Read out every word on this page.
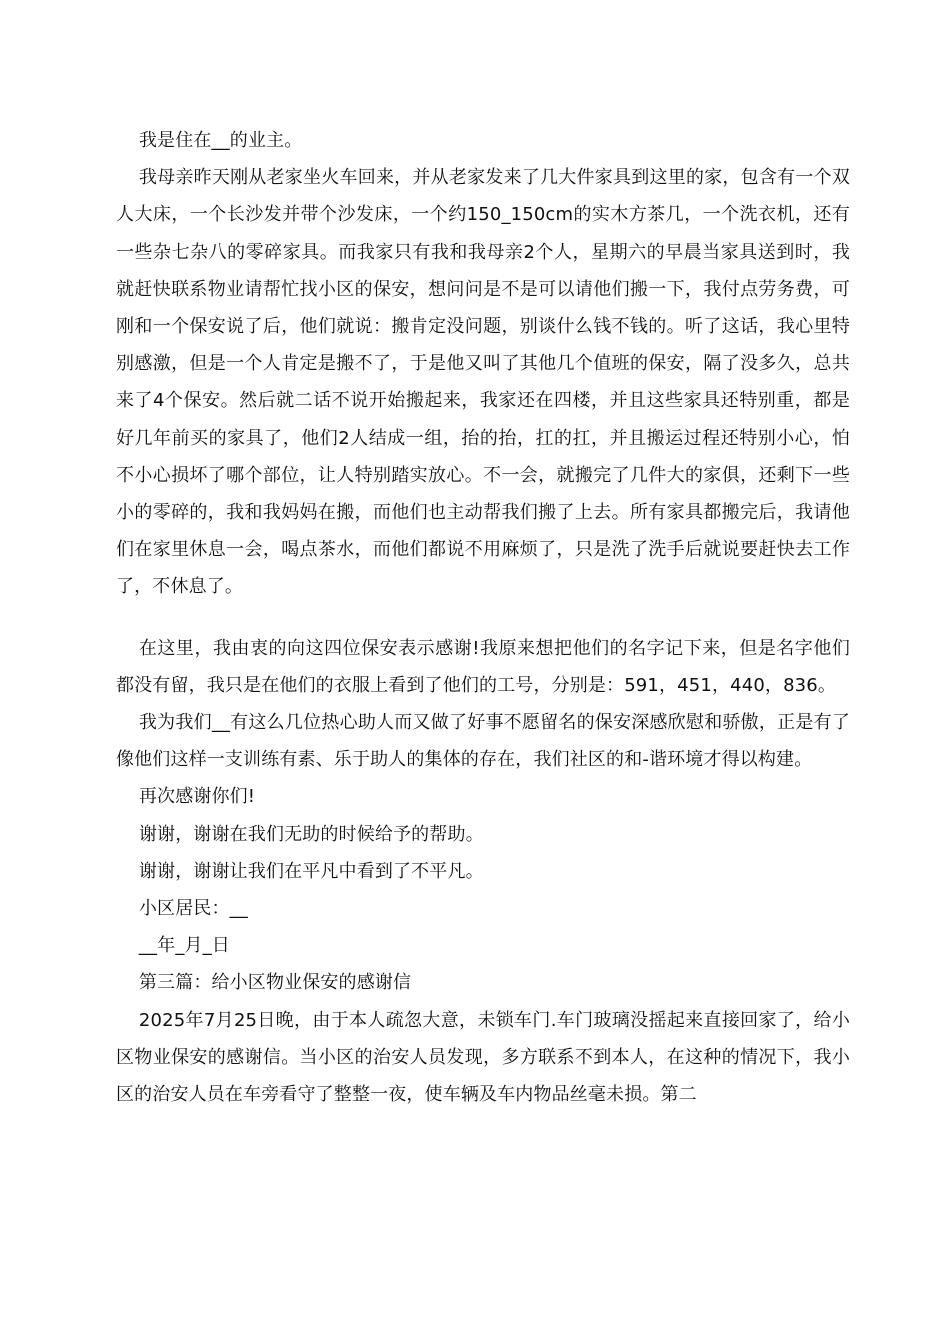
我是住在__的业主。

我母亲昨天刚从老家坐火车回来，并从老家发来了几大件家具到这里的家，包含有一个双人大床，一个长沙发并带个沙发床，一个约150_150cm的实木方茶几，一个洗衣机，还有一些杂七杂八的零碎家具。而我家只有我和我母亲2个人，星期六的早晨当家具送到时，我就赶快联系物业请帮忙找小区的保安，想问问是不是可以请他们搬一下，我付点劳务费，可刚和一个保安说了后，他们就说：搬肯定没问题，别谈什么钱不钱的。听了这话，我心里特别感激，但是一个人肯定是搬不了，于是他又叫了其他几个值班的保安，隔了没多久，总共来了4个保安。然后就二话不说开始搬起来，我家还在四楼，并且这些家具还特别重，都是好几年前买的家具了，他们2人结成一组，抬的抬，扛的扛，并且搬运过程还特别小心，怕不小心损坏了哪个部位，让人特别踏实放心。不一会，就搬完了几件大的家俱，还剩下一些小的零碎的，我和我妈妈在搬，而他们也主动帮我们搬了上去。所有家具都搬完后，我请他们在家里休息一会，喝点茶水，而他们都说不用麻烦了，只是洗了洗手后就说要赶快去工作了，不休息了。

在这里，我由衷的向这四位保安表示感谢!我原来想把他们的名字记下来，但是名字他们都没有留，我只是在他们的衣服上看到了他们的工号，分别是：591，451，440，836。

我为我们__有这么几位热心助人而又做了好事不愿留名的保安深感欣慰和骄傲，正是有了像他们这样一支训练有素、乐于助人的集体的存在，我们社区的和-谐环境才得以构建。

再次感谢你们!

谢谢，谢谢在我们无助的时候给予的帮助。

谢谢，谢谢让我们在平凡中看到了不平凡。

小区居民：__

__年_月_日

第三篇：给小区物业保安的感谢信

2025年7月25日晚，由于本人疏忽大意，未锁车门.车门玻璃没摇起来直接回家了，给小区物业保安的感谢信。当小区的治安人员发现，多方联系不到本人，在这种的情况下，我小区的治安人员在车旁看守了整整一夜，使车辆及车内物品丝毫未损。第二
